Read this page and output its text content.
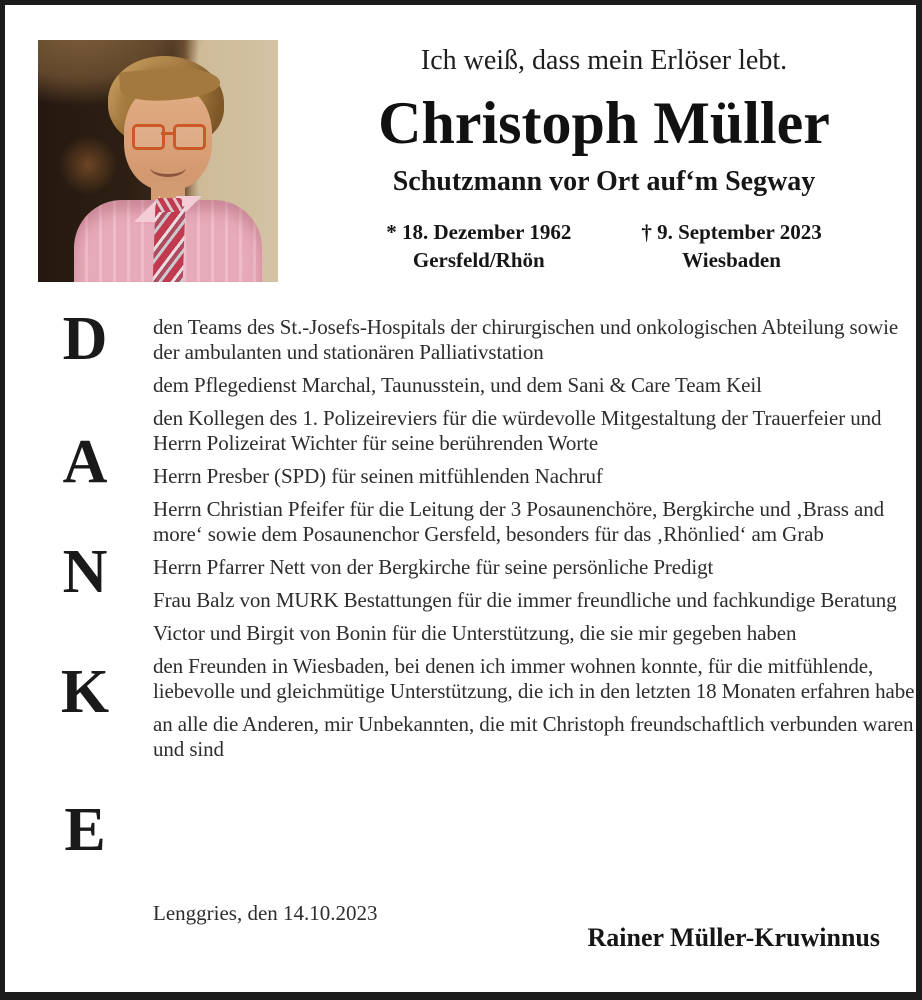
Ich weiß, dass mein Erlöser lebt.
Christoph Müller
Schutzmann vor Ort auf‘m Segway
* 18. Dezember 1962
Gersfeld/Rhön
† 9. September 2023
Wiesbaden
D
A
N
K
E

den Teams des St.-Josefs-Hospitals der chirurgischen und onkologischen Abteilung sowie der ambulanten und stationären Palliativstation

dem Pflegedienst Marchal, Taunusstein, und dem Sani & Care Team Keil

den Kollegen des 1. Polizeireviers für die würdevolle Mitgestaltung der Trauerfeier und Herrn Polizeirat Wichter für seine berührenden Worte

Herrn Presber (SPD) für seinen mitfühlenden Nachruf

Herrn Christian Pfeifer für die Leitung der 3 Posaunenchöre, Bergkirche und ‚Brass and more‘ sowie dem Posaunenchor Gersfeld, besonders für das ‚Rhönlied‘ am Grab

Herrn Pfarrer Nett von der Bergkirche für seine persönliche Predigt

Frau Balz von MURK Bestattungen für die immer freundliche und fachkundige Beratung

Victor und Birgit von Bonin für die Unterstützung, die sie mir gegeben haben

den Freunden in Wiesbaden, bei denen ich immer wohnen konnte, für die mitfühlende, liebevolle und gleichmütige Unterstützung, die ich in den letzten 18 Monaten erfahren habe

an alle die Anderen, mir Unbekannten, die mit Christoph freundschaftlich verbunden waren und sind

Lenggries, den 14.10.2023
Rainer Müller-Kruwinnus
